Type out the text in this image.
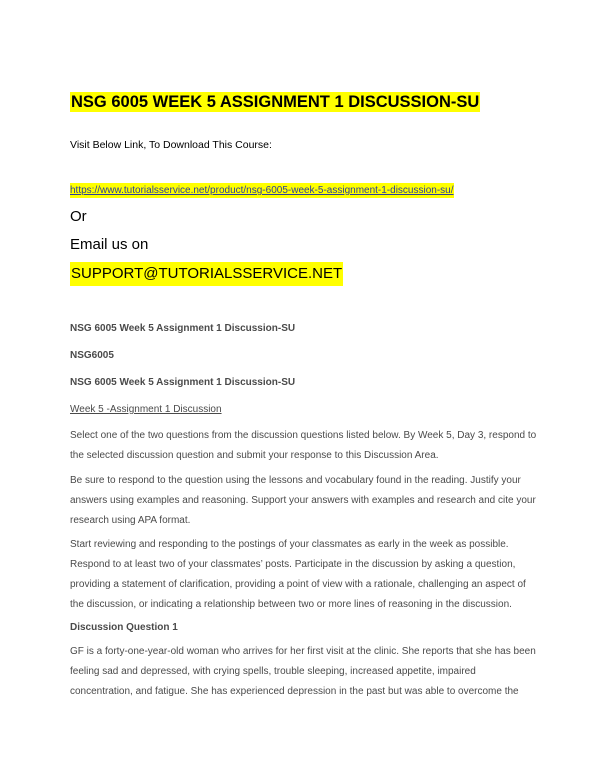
NSG 6005 WEEK 5 ASSIGNMENT 1 DISCUSSION-SU
Visit Below Link, To Download This Course:
https://www.tutorialsservice.net/product/nsg-6005-week-5-assignment-1-discussion-su/
Or
Email us on
SUPPORT@TUTORIALSSERVICE.NET
NSG 6005 Week 5 Assignment 1 Discussion-SU
NSG6005
NSG 6005 Week 5 Assignment 1 Discussion-SU
Week 5 -Assignment 1 Discussion

Select one of the two questions from the discussion questions listed below. By Week 5, Day 3, respond to the selected discussion question and submit your response to this Discussion Area.

Be sure to respond to the question using the lessons and vocabulary found in the reading. Justify your answers using examples and reasoning. Support your answers with examples and research and cite your research using APA format.

Start reviewing and responding to the postings of your classmates as early in the week as possible. Respond to at least two of your classmates’ posts. Participate in the discussion by asking a question, providing a statement of clarification, providing a point of view with a rationale, challenging an aspect of the discussion, or indicating a relationship between two or more lines of reasoning in the discussion.

Discussion Question 1

GF is a forty-one-year-old woman who arrives for her first visit at the clinic. She reports that she has been feeling sad and depressed, with crying spells, trouble sleeping, increased appetite, impaired concentration, and fatigue. She has experienced depression in the past but was able to overcome the
